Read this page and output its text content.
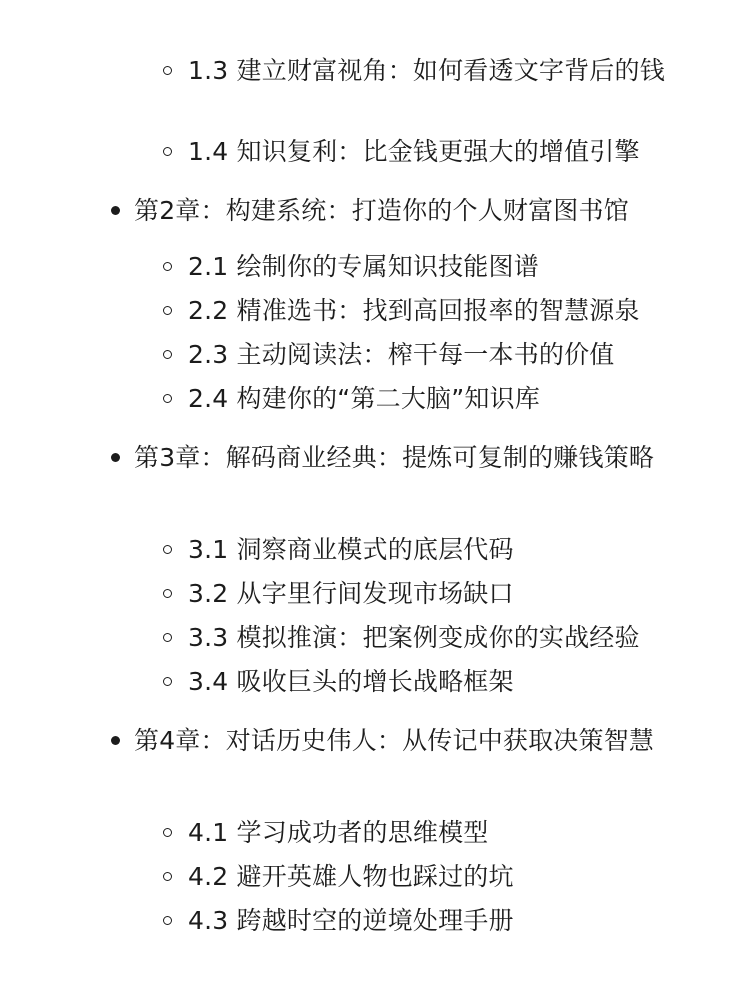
1.3 建立财富视角：如何看透文字背后的钱
1.4 知识复利：比金钱更强大的增值引擎
第2章：构建系统：打造你的个人财富图书馆
2.1 绘制你的专属知识技能图谱
2.2 精准选书：找到高回报率的智慧源泉
2.3 主动阅读法：榨干每一本书的价值
2.4 构建你的“第二大脑”知识库
第3章：解码商业经典：提炼可复制的赚钱策略
3.1 洞察商业模式的底层代码
3.2 从字里行间发现市场缺口
3.3 模拟推演：把案例变成你的实战经验
3.4 吸收巨头的增长战略框架
第4章：对话历史伟人：从传记中获取决策智慧
4.1 学习成功者的思维模型
4.2 避开英雄人物也踩过的坑
4.3 跨越时空的逆境处理手册
